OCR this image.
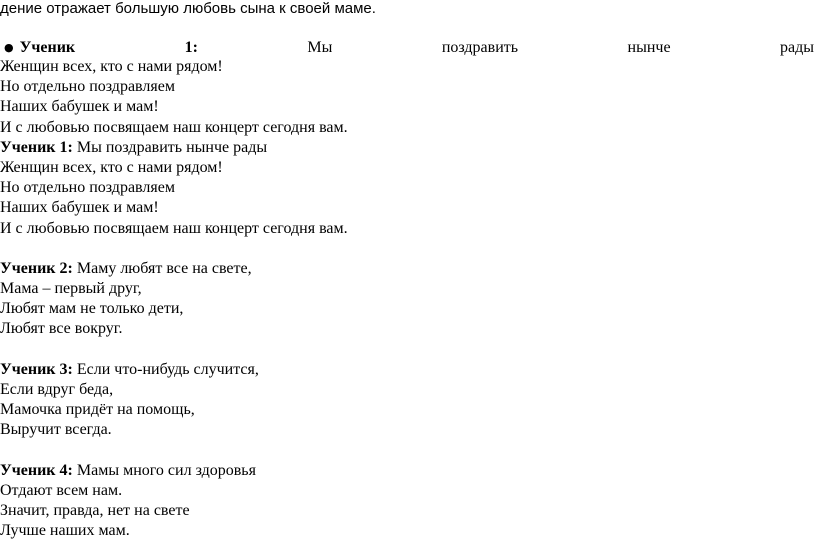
дение отражает большую любовь сына к своей маме.
● Ученик	1:	Мы	поздравить	нынче	рады
Женщин всех, кто с нами рядом!
Но отдельно поздравляем
Наших бабушек и мам!
И с любовью посвящаем наш концерт сегодня вам.
Ученик 1: Мы поздравить нынче рады
Женщин всех, кто с нами рядом!
Но отдельно поздравляем
Наших бабушек и мам!
И с любовью посвящаем наш концерт сегодня вам.
Ученик 2: Маму любят все на свете,
Мама – первый друг,
Любят мам не только дети,
Любят все вокруг.
Ученик 3: Если что-нибудь случится,
Если вдруг беда,
Мамочка придёт на помощь,
Выручит всегда.
Ученик 4: Мамы много сил здоровья
Отдают всем нам.
Значит, правда, нет на свете
Лучше наших мам.
